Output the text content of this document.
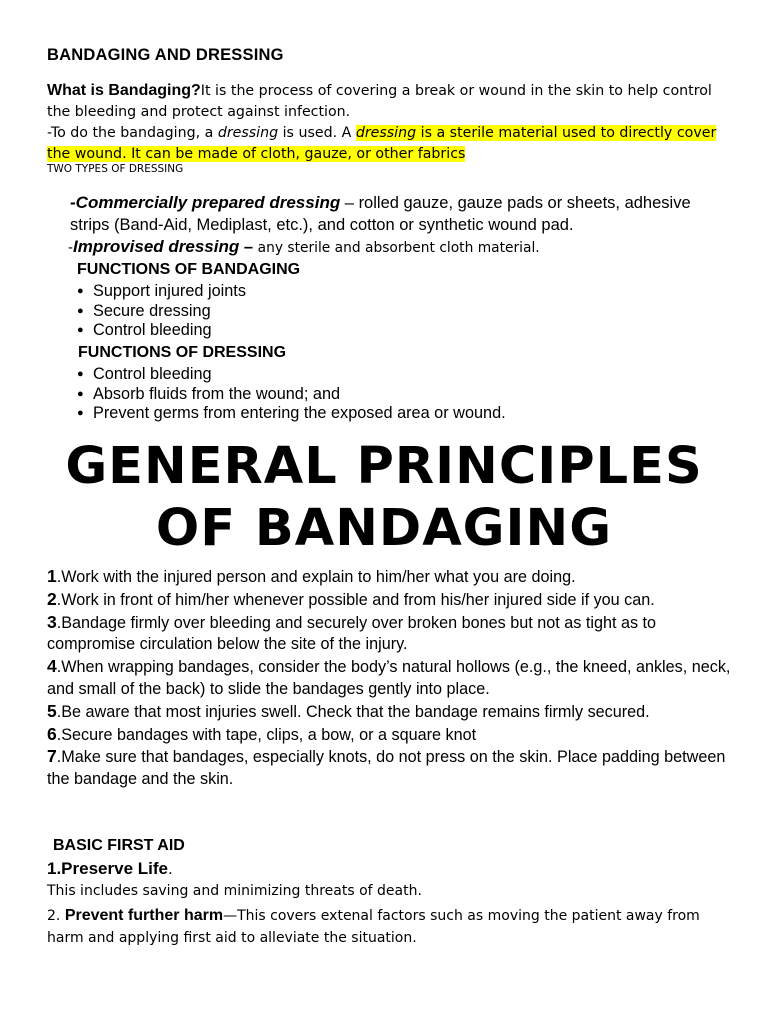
BANDAGING AND DRESSING
What is Bandaging?It is the process of covering a break or wound in the skin to help control the bleeding and protect against infection.
-To do the bandaging, a dressing is used. A dressing is a sterile material used to directly cover the wound. It can be made of cloth, gauze, or other fabrics
TWO TYPES OF DRESSING
-Commercially prepared dressing – rolled gauze, gauze pads or sheets, adhesive strips (Band-Aid, Mediplast, etc.), and cotton or synthetic wound pad.
-Improvised dressing – any sterile and absorbent cloth material.
FUNCTIONS OF BANDAGING
● Support injured joints
● Secure dressing
● Control bleeding
FUNCTIONS OF DRESSING
● Control bleeding
● Absorb fluids from the wound; and
● Prevent germs from entering the exposed area or wound.
GENERAL PRINCIPLES
OF BANDAGING

1.Work with the injured person and explain to him/her what you are doing.

2.Work in front of him/her whenever possible and from his/her injured side if you can.

3.Bandage firmly over bleeding and securely over broken bones but not as tight as to compromise circulation below the site of the injury.

4.When wrapping bandages, consider the body’s natural hollows (e.g., the kneed, ankles, neck, and small of the back) to slide the bandages gently into place.

5.Be aware that most injuries swell. Check that the bandage remains firmly secured.

6.Secure bandages with tape, clips, a bow, or a square knot

7.Make sure that bandages, especially knots, do not press on the skin. Place padding between the bandage and the skin.

BASIC FIRST AID
1.Preserve Life.
This includes saving and minimizing threats of death.
2. Prevent further harm—This covers extenal factors such as moving the patient away from harm and applying first aid to alleviate the situation.
